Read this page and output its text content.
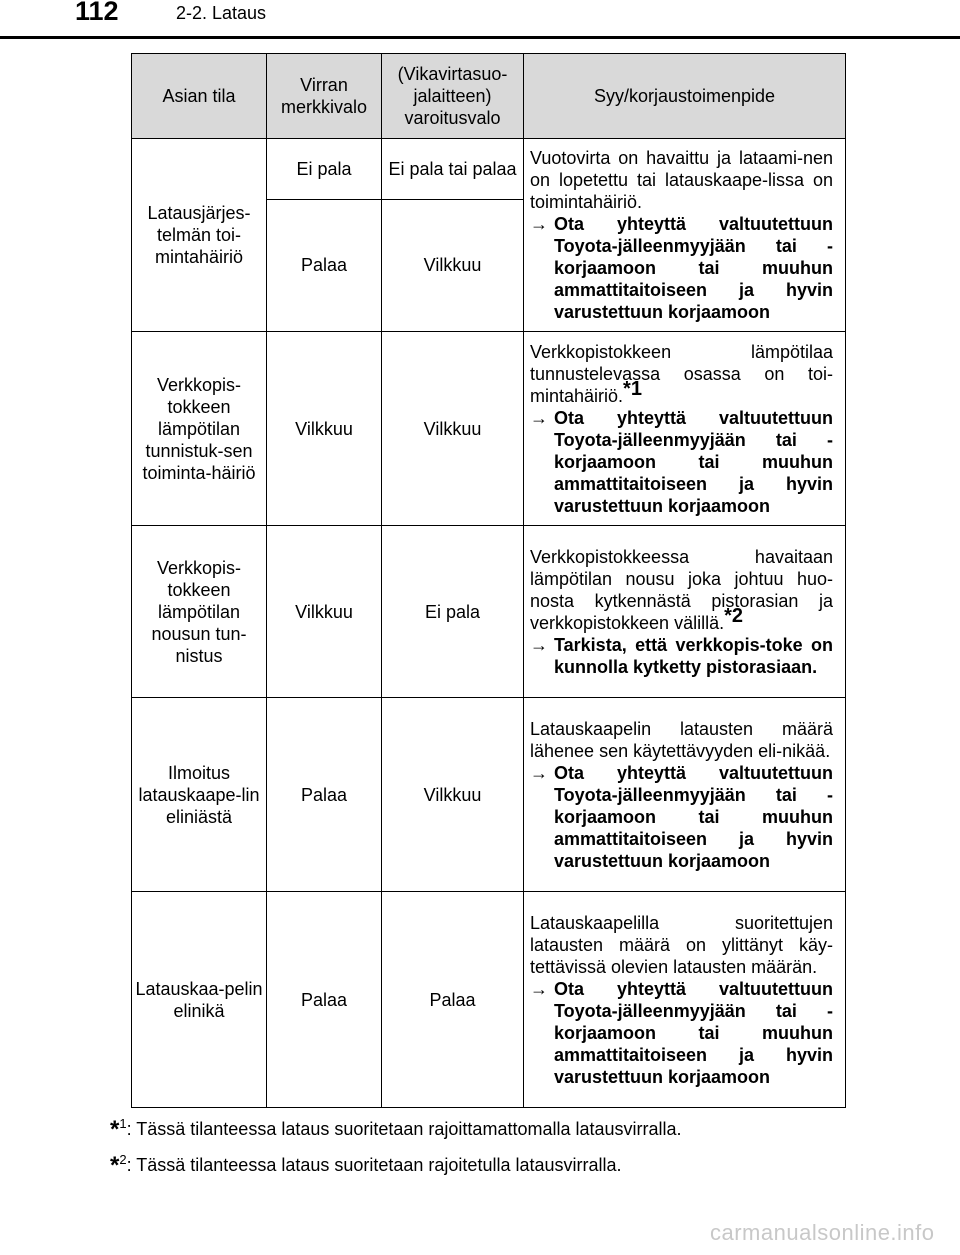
112	2-2. Lataus
Asian tila	Virran merkkivalo	(Vikavirtasuo-jalaitteen) varoitusvalo	Syy/korjaustoimenpide
Latausjärjes-telmän toi-mintahäiriö	Ei pala	Ei pala tai palaa	Vuotovirta on havaittu ja lataami-nen on lopetettu tai latauskaape-lissa on toimintahäiriö.
→ Ota yhteyttä valtuutettuun Toyota-jälleenmyyjään tai -korjaamoon tai muuhun ammattitaitoiseen ja hyvin varustettuun korjaamoon

	Palaa	Vilkkuu	
Verkkopis-tokkeen lämpötilan tunnistuk-sen toiminta-häiriö	Vilkkuu	Vilkkuu	Verkkopistokkeen lämpötilaa tunnustelevassa osassa on toi-mintahäiriö.$^{*1}$
→ Ota yhteyttä valtuutettuun Toyota-jälleenmyyjään tai -korjaamoon tai muuhun ammattitaitoiseen ja hyvin varustettuun korjaamoon

Verkkopis-tokkeen lämpötilan nousun tun-nistus	Vilkkuu	Ei pala	Verkkopistokkeessa havaitaan lämpötilan nousu joka johtuu huo-nosta kytkennästä pistorasian ja verkkopistokkeen välillä.$^{*2}$
→ Tarkista, että verkkopis-toke on kunnolla kytketty pistorasiaan.

Ilmoitus latauskaape-lin eliniästä	Palaa	Vilkkuu	Latauskaapelin latausten määrä lähenee sen käytettävyyden eli-nikää.
→ Ota yhteyttä valtuutettuun Toyota-jälleenmyyjään tai -korjaamoon tai muuhun ammattitaitoiseen ja hyvin varustettuun korjaamoon

Latauskaa-pelin elinikä	Palaa	Palaa	Latauskaapelilla suoritettujen latausten määrä on ylittänyt käy-tettävissä olevien latausten määrän.
→ Ota yhteyttä valtuutettuun Toyota-jälleenmyyjään tai -korjaamoon tai muuhun ammattitaitoiseen ja hyvin varustettuun korjaamoon
*$^1$: Tässä tilanteessa lataus suoritetaan rajoittamattomalla latausvirralla.
*$^2$: Tässä tilanteessa lataus suoritetaan rajoitetulla latausvirralla.
carmanualsonline.info
